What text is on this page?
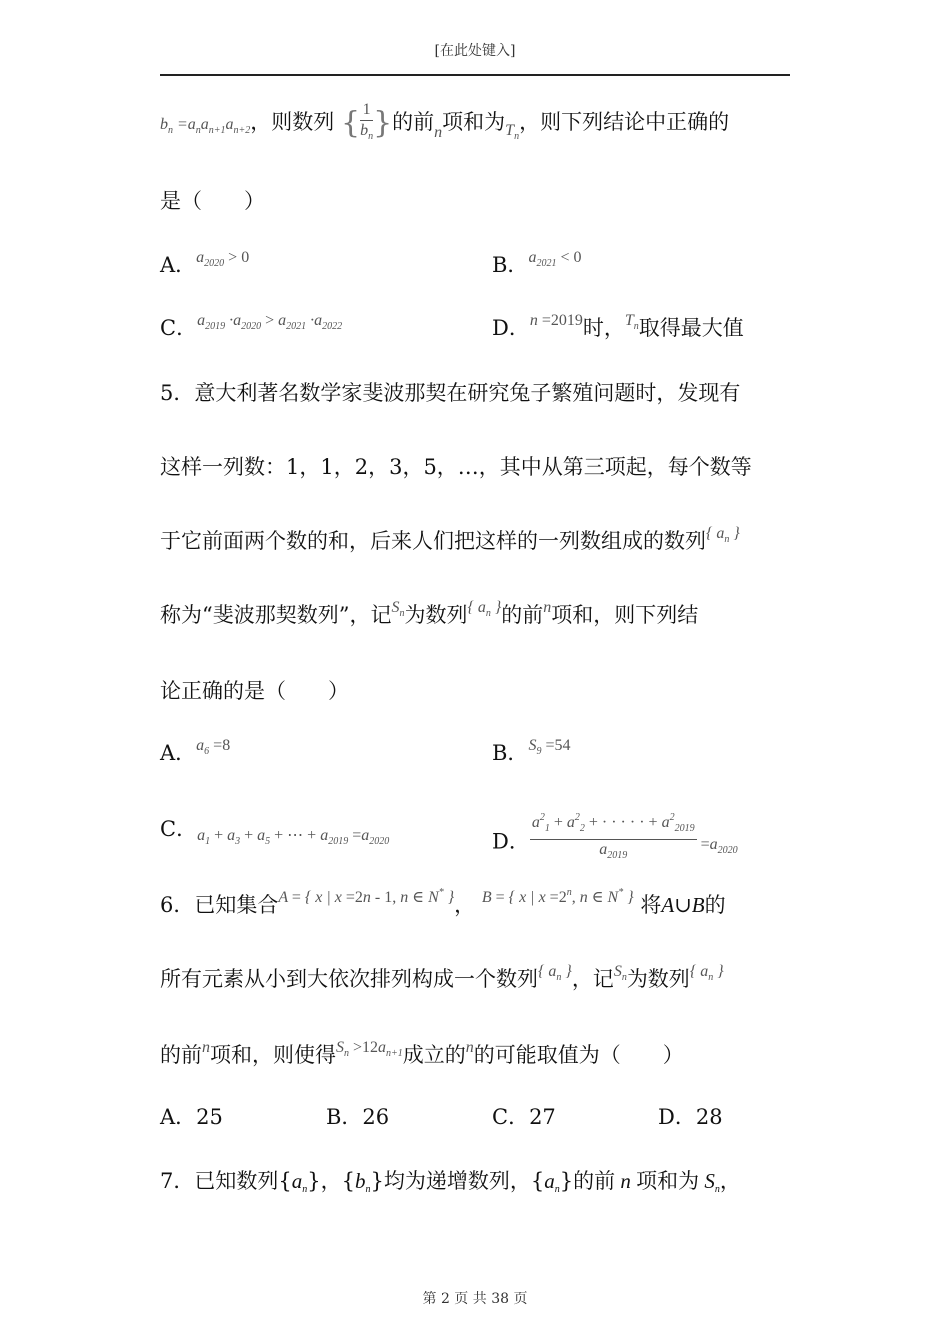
[在此处键入]
$b_n =a_na_{n+1}a_{n+2}$，则数列 { $\frac{1}{b_n}$ }的前$_n$项和为$_{T_n}$，则下列结论中正确的
是（　　）
A．$^{a_{2020} > 0}$	B．$^{a_{2021} < 0}$
C．$^{a_{2019} \cdot a_{2020} > a_{2021} \cdot a_{2022}}$	D．$^{n =2019}$时，$^{T_n}$取得最大值
5．意大利著名数学家斐波那契在研究兔子繁殖问题时，发现有
这样一列数：1，1，2，3，5，…，其中从第三项起，每个数等
于它前面两个数的和，后来人们把这样的一列数组成的数列$^{\{ a_n \}}$
称为“斐波那契数列”，记$^{S_n}$为数列$^{\{ a_n \}}$的前$^n$项和，则下列结
论正确的是（　　）
A．$^{a_6 =8}$	B．$^{S_9 =54}$
C．$a_1 + a_3 + a_5$ + ⋯ + $a_{2019} =a_{2020}$	D． $\frac{a^2_1 + a^2_2 + \cdot \cdot \cdot \cdot \cdot + a^2_{2019}}{a_{2019}} =a_{2020}$
6．已知集合$^{A = \{ x | x =2n - 1, n \in N^* \}}$， $^{B = \{ x | x =2^n, n \in N^* \}}$ 将A∪B的
所有元素从小到大依次排列构成一个数列$^{\{ a_n \}}$，记$^{S_n}$为数列$^{\{ a_n \}}$
的前$^n$项和，则使得$^{S_n >12a_{n+1}}$成立的$^n$的可能取值为（　　）
A．25	B．26	C．27	D．28
7．已知数列$\{a_n\}$，$\{b_n\}$均为递增数列，$\{a_n\}$的前 n 项和为 $S_n$，
第 2 页 共 38 页
